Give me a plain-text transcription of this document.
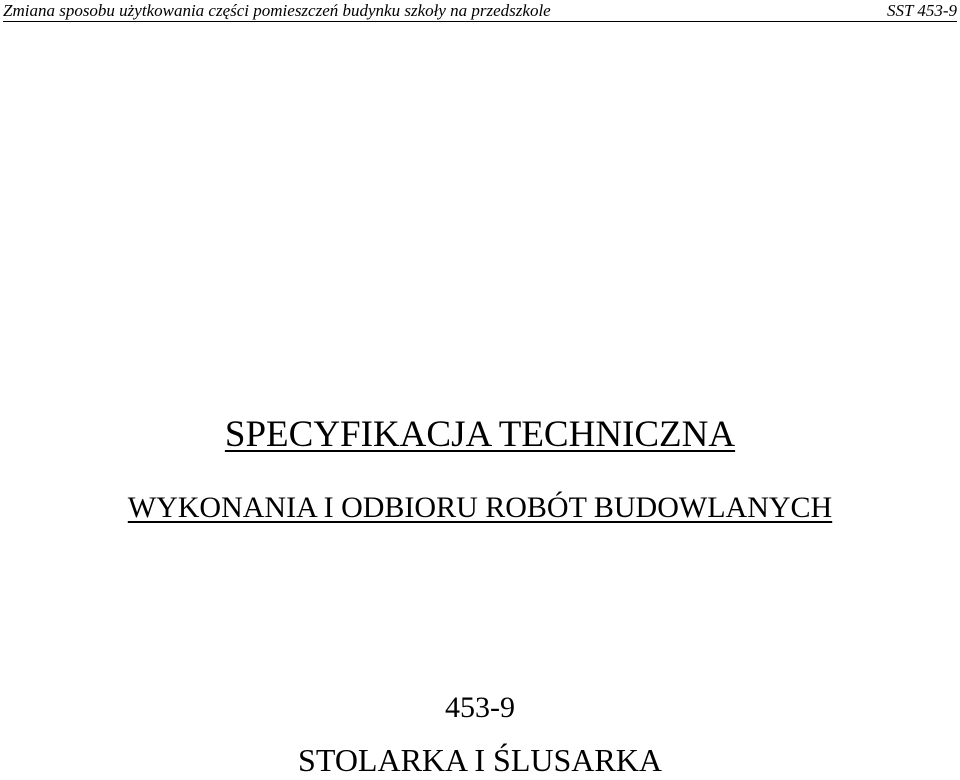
Zmiana sposobu użytkowania części pomieszczeń budynku szkoły na przedszkole	SST 453-9
SPECYFIKACJA TECHNICZNA
WYKONANIA I ODBIORU ROBÓT BUDOWLANYCH
453-9
STOLARKA I ŚLUSARKA
